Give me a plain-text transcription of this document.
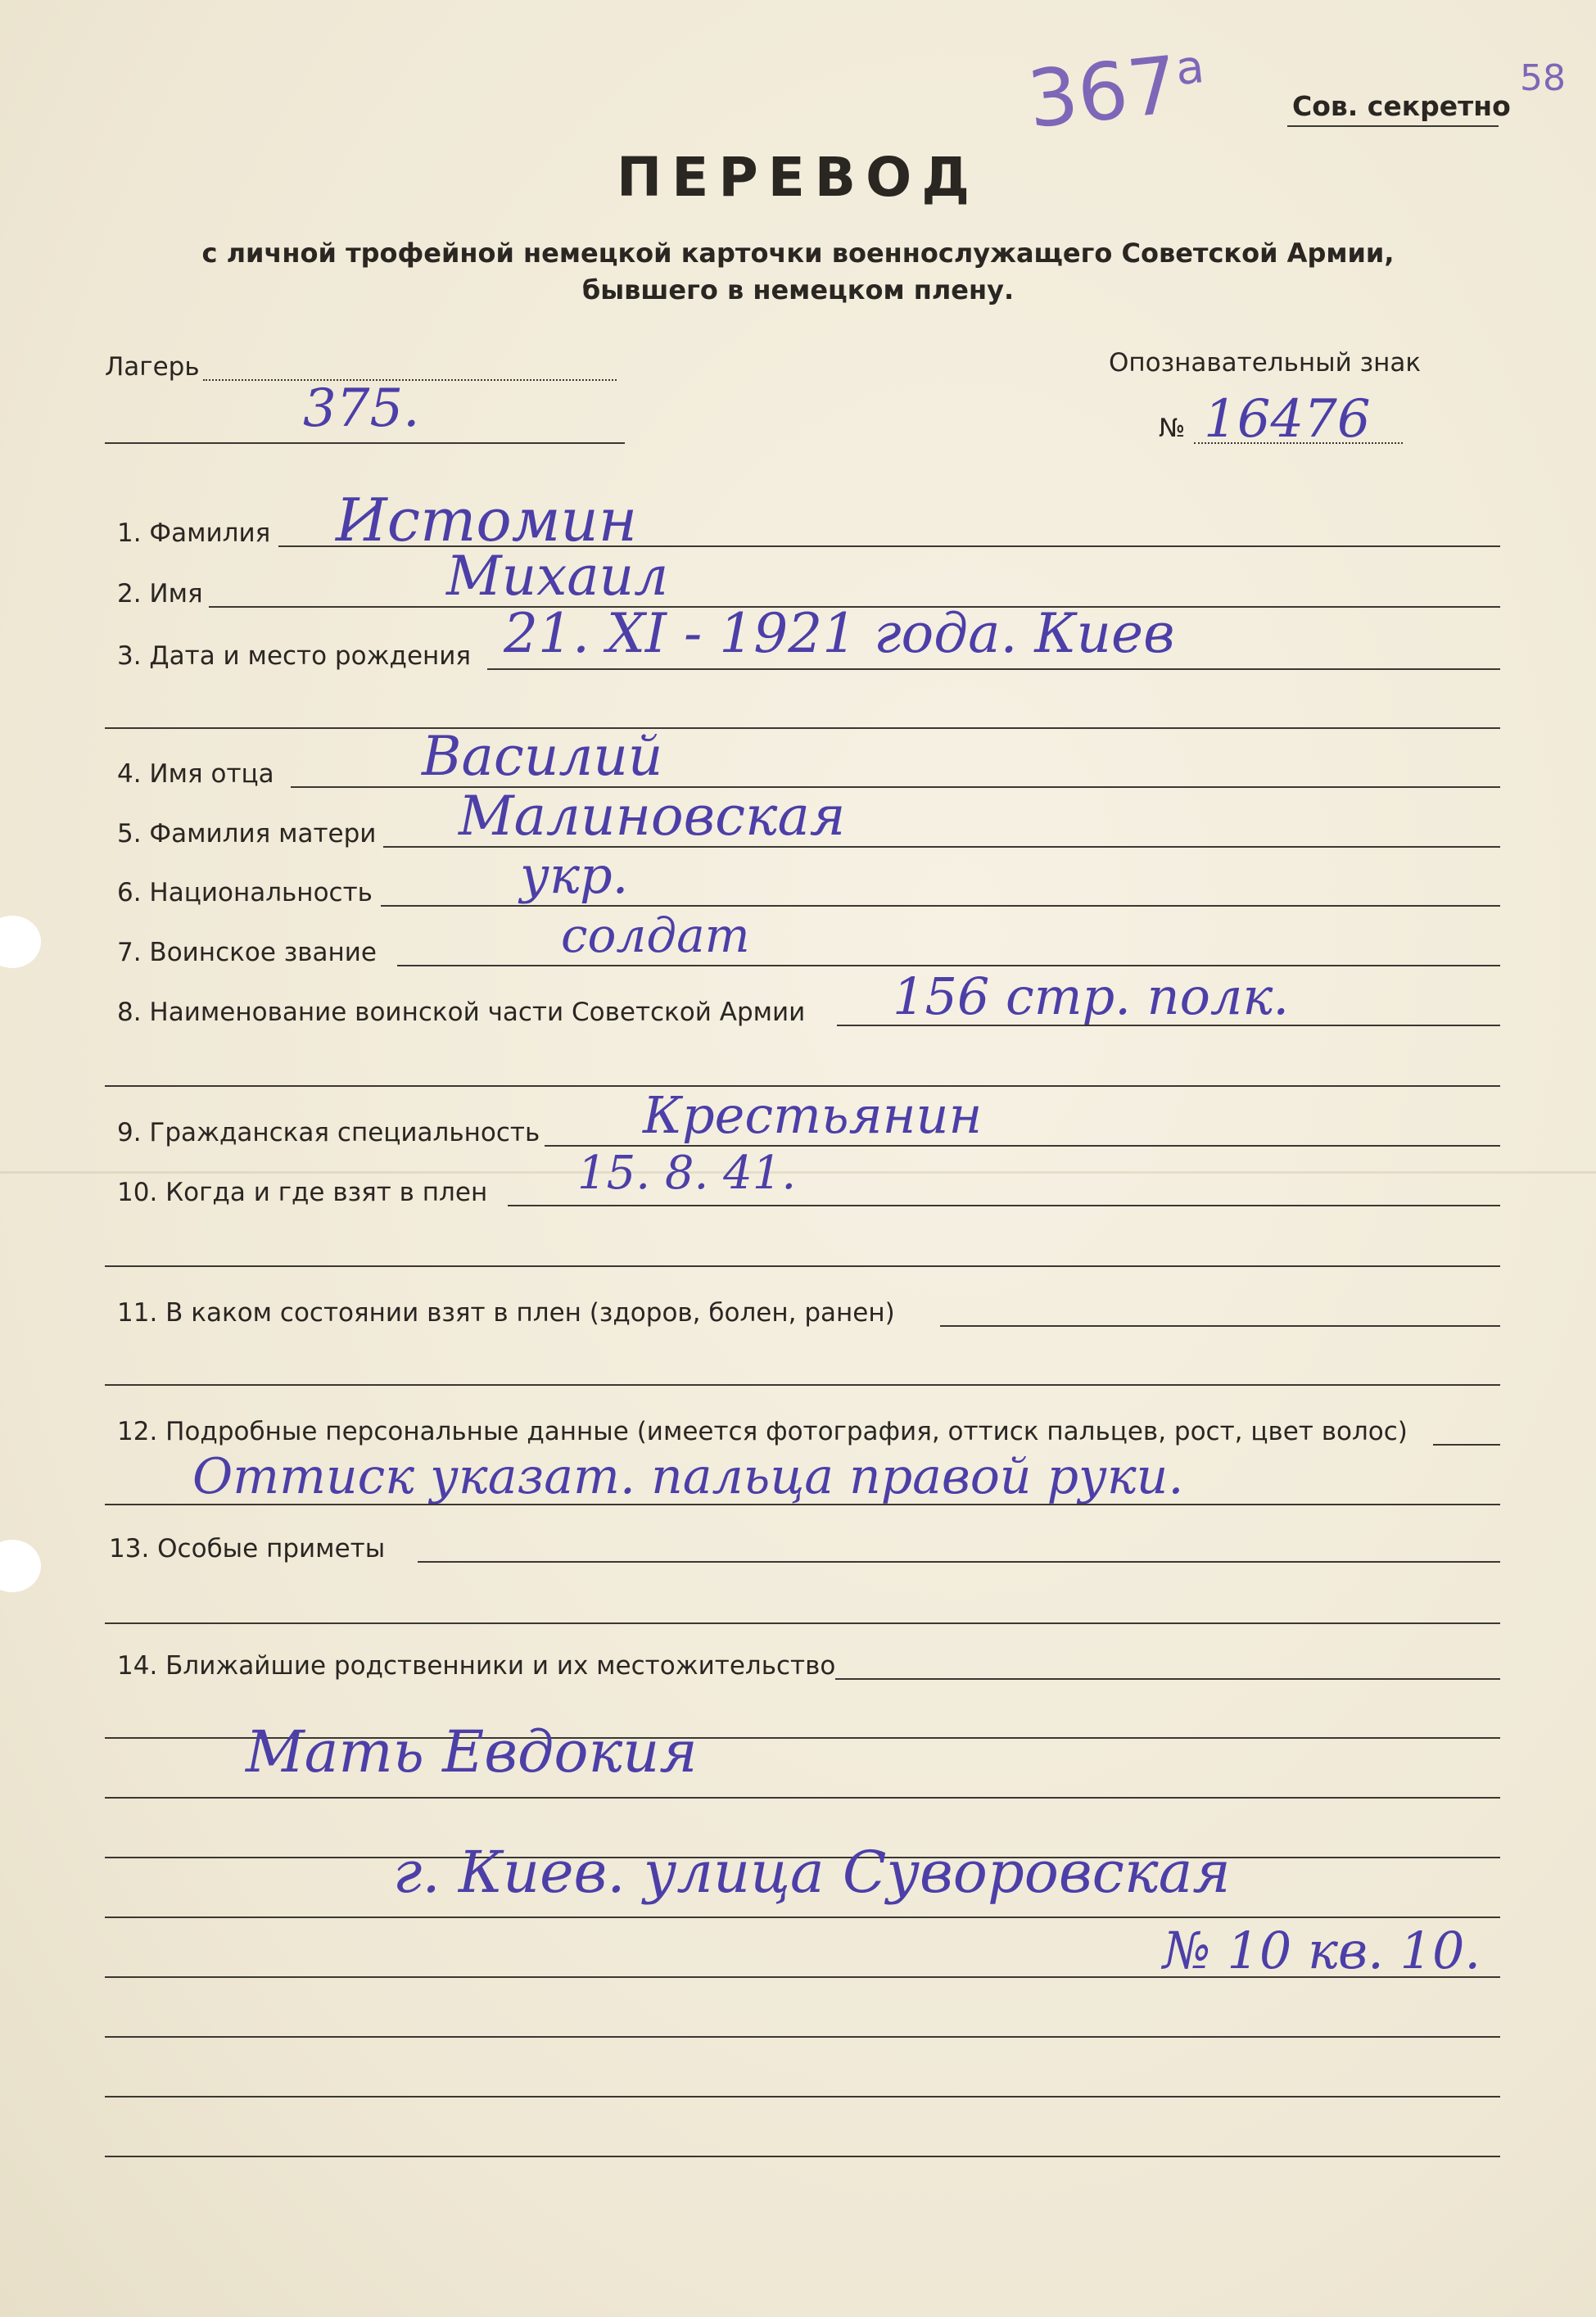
$367^а$	58
Сов. секретно
ПЕРЕВОД
с личной трофейной немецкой карточки военнослужащего Советской Армии,
бывшего в немецком плену.
Лагерь
375.
Опознавательный знак
№ 16476
1. Фамилия Истомин
2. Имя	Михаил
3. Дата и место рождения 21. XI - 1921 года. Киев
4. Имя отца	Василий
5. Фамилия матери Малиновская
6. Национальность	укр.
7. Воинское звание	солдат
8. Наименование воинской части Советской Армии 156 стр. полк.
9. Гражданская специальность Крестьянин
10. Когда и где взят в плен 15. 8. 41.
11. В каком состоянии взят в плен (здоров, болен, ранен)
12. Подробные персональные данные (имеется фотография, оттиск пальцев, рост, цвет волос)
Оттиск указат. пальца правой руки.
13. Особые приметы
14. Ближайшие родственники и их местожительство
Мать Евдокия
г. Киев. улица Суворовская
№ 10 кв. 10.
